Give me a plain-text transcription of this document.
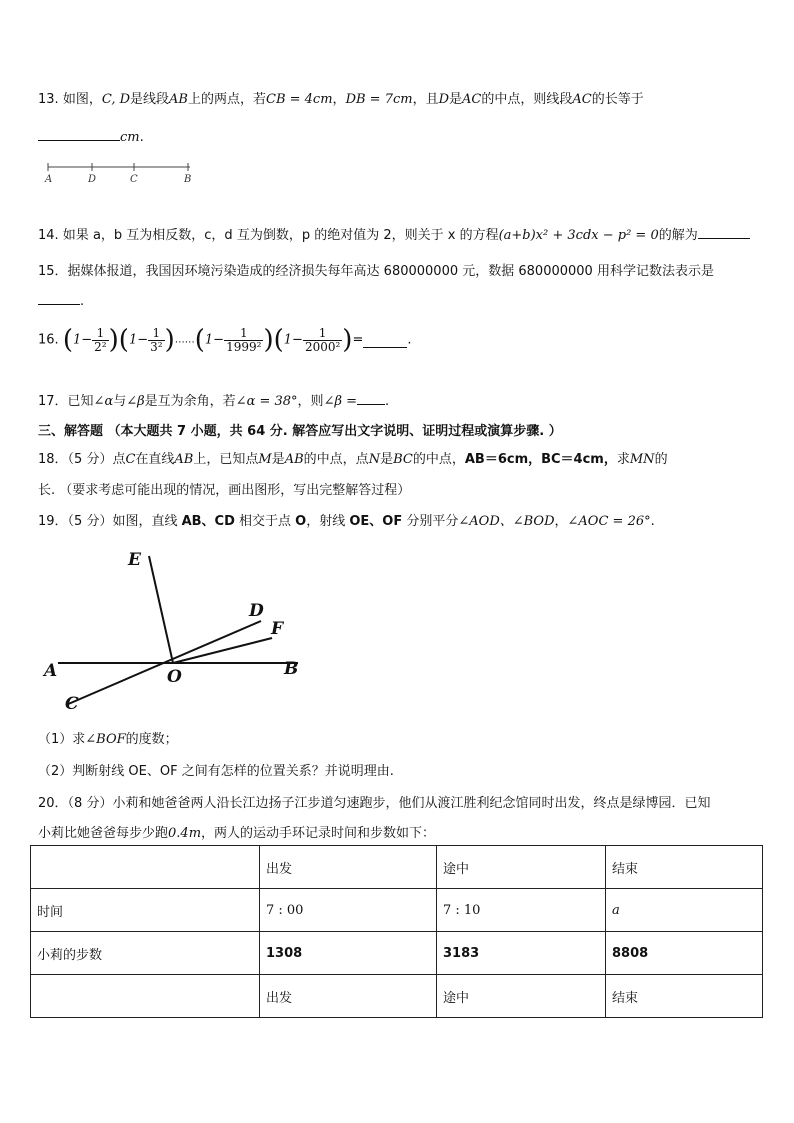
13. 如图，C, D是线段AB上的两点，若CB = 4cm，DB = 7cm，且D是AC的中点，则线段AC的长等于
cm.
A	D	C	B
14. 如果 a，b 互为相反数，c，d 互为倒数，p 的绝对值为 2，则关于 x 的方程(a+b)x² + 3cdx − p² = 0的解为
15．据媒体报道，我国因环境污染造成的经济损失每年高达 680000000 元，数据 680000000 用科学记数法表示是
.
16. $(1- \frac{1}{\text{2²}} )(1- \frac{1}{\text{3²}}$ )……(1− $\frac{1}{\text{1999²}} )(1- \frac{1}{\text{2000²}}$ )=	.
17．已知∠α与∠β是互为余角，若∠α = 38°，则∠β = .
三、解答题 （本大题共 7 小题，共 64 分. 解答应写出文字说明、证明过程或演算步骤. ）
18．（5 分）点C在直线AB上，已知点M是AB的中点，点N是BC的中点，AB＝6cm，BC＝4cm，求MN的
长. （要求考虑可能出现的情况，画出图形，写出完整解答过程）
19．（5 分）如图，直线 AB、CD 相交于点 O，射线 OE、OF 分别平分∠AOD、∠BOD，∠AOC = 26°.
E
D
F
A	O	B
C
（1）求∠BOF的度数；
（2）判断射线 OE、OF 之间有怎样的位置关系？并说明理由.
20．（8 分）小莉和她爸爸两人沿长江边扬子江步道匀速跑步，他们从渡江胜利纪念馆同时出发，终点是绿博园．已知
小莉比她爸爸每步少跑0.4m，两人的运动手环记录时间和步数如下：
	出发	途中	结束
时间	7 : 00	7 : 10	a
小莉的步数	1308	3183	8808
	出发	途中	结束
